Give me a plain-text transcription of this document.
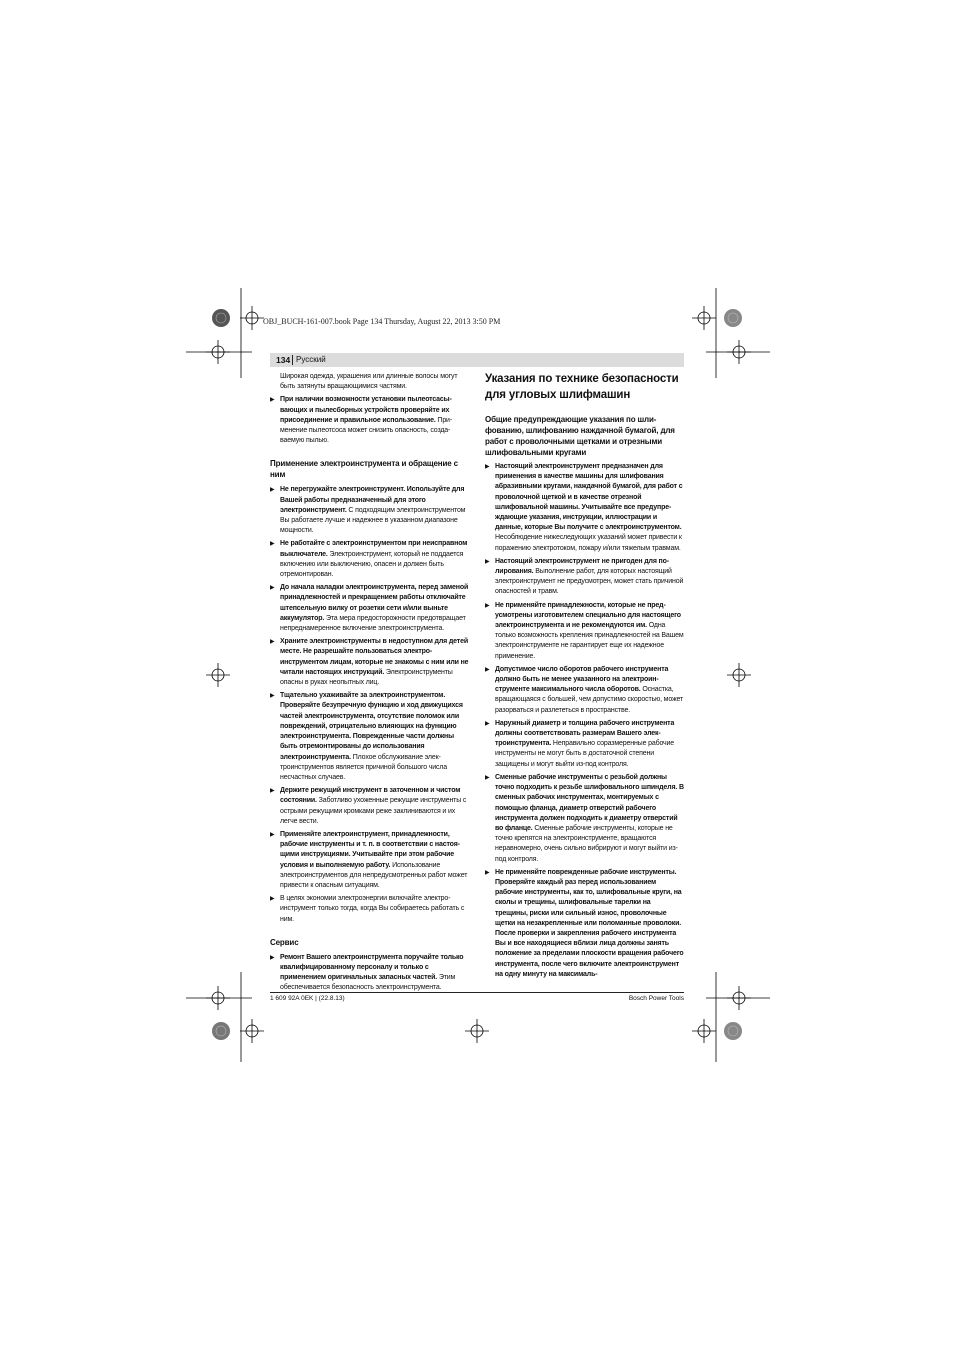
OBJ_BUCH-161-007.book Page 134 Thursday, August 22, 2013 3:50 PM
134 Русский

Широкая одежда, украшения или длинные волосы могут быть затянуты вращающимися частями.

▶ При наличии возможности установки пылеотсасывающих и пылесборных устройств проверяйте их присоединение и правильное использование. Применение пылеотсоса может снизить опасность, создаваемую пылью.
Применение электроинструмента и обращение с ним
▶ Не перегружайте электроинструмент. Используйте для Вашей работы предназначенный для этого электроинструмент. С подходящим электроинструментом Вы работаете лучше и надежнее в указанном диапазоне мощности.
▶ Не работайте с электроинструментом при неисправном выключателе. Электроинструмент, который не поддается включению или выключению, опасен и должен быть отремонтирован.
▶ До начала наладки электроинструмента, перед заменой принадлежностей и прекращением работы отключайте штепсельную вилку от розетки сети и/или выньте аккумулятор. Эта мера предосторожности предотвращает непреднамеренное включение электроинструмента.
▶ Храните электроинструменты в недоступном для детей месте. Не разрешайте пользоваться электроинструментом лицам, которые не знакомы с ним или не читали настоящих инструкций. Электроинструменты опасны в руках неопытных лиц.
▶ Тщательно ухаживайте за электроинструментом. Проверяйте безупречную функцию и ход движущихся частей электроинструмента, отсутствие поломок или повреждений, отрицательно влияющих на функцию электроинструмента. Поврежденные части должны быть отремонтированы до использования электроинструмента. Плохое обслуживание электроинструментов является причиной большого числа несчастных случаев.
▶ Держите режущий инструмент в заточенном и чистом состоянии. Заботливо ухоженные режущие инструменты с острыми режущими кромками реже заклиниваются и их легче вести.
▶ Применяйте электроинструмент, принадлежности, рабочие инструменты и т. п. в соответствии с настоящими инструкциями. Учитывайте при этом рабочие условия и выполняемую работу. Использование электроинструментов для непредусмотренных работ может привести к опасным ситуациям.
▶ В целях экономии электроэнергии включайте электроинструмент только тогда, когда Вы собираетесь работать с ним.
Сервис
▶ Ремонт Вашего электроинструмента поручайте только квалифицированному персоналу и только с применением оригинальных запасных частей. Этим обеспечивается безопасность электроинструмента.
Указания по технике безопасности для угловых шлифмашин
Общие предупреждающие указания по шлифованию, шлифованию наждачной бумагой, для работ с проволочными щетками и отрезными шлифовальными кругами
▶ Настоящий электроинструмент предназначен для применения в качестве машины для шлифования абразивными кругами, наждачной бумагой, для работ с проволочной щеткой и в качестве отрезной шлифовальной машины. Учитывайте все предупреждающие указания, инструкции, иллюстрации и данные, которые Вы получите с электроинструментом. Несоблюдение нижеследующих указаний может привести к поражению электротоком, пожару и/или тяжелым травмам.
▶ Настоящий электроинструмент не пригоден для полирования. Выполнение работ, для которых настоящий электроинструмент не предусмотрен, может стать причиной опасностей и травм.
▶ Не применяйте принадлежности, которые не предусмотрены изготовителем специально для настоящего электроинструмента и не рекомендуются им. Одна только возможность крепления принадлежностей на Вашем электроинструменте не гарантирует еще их надежное применение.
▶ Допустимое число оборотов рабочего инструмента должно быть не менее указанного на электроинструменте максимального числа оборотов. Оснастка, вращающаяся с большей, чем допустимо скоростью, может разорваться и разлететься в пространстве.
▶ Наружный диаметр и толщина рабочего инструмента должны соответствовать размерам Вашего электроинструмента. Неправильно соразмеренные рабочие инструменты не могут быть в достаточной степени защищены и могут выйти из-под контроля.
▶ Сменные рабочие инструменты с резьбой должны точно подходить к резьбе шлифовального шпинделя. В сменных рабочих инструментах, монтируемых с помощью фланца, диаметр отверстий рабочего инструмента должен подходить к диаметру отверстий во фланце. Сменные рабочие инструменты, которые не точно крепятся на электроинструменте, вращаются неравномерно, очень сильно вибрируют и могут выйти из-под контроля.
▶ Не применяйте поврежденные рабочие инструменты. Проверяйте каждый раз перед использованием рабочие инструменты, как то, шлифовальные круги, на сколы и трещины, шлифовальные тарелки на трещины, риски или сильный износ, проволочные щетки на незакрепленные или поломанные проволоки. После проверки и закрепления рабочего инструмента Вы и все находящиеся вблизи лица должны занять положение за пределами плоскости вращения рабочего инструмента, после чего включите электроинструмент на одну минуту на максималь-
1 609 92A 0EK | (22.8.13)	Bosch Power Tools
